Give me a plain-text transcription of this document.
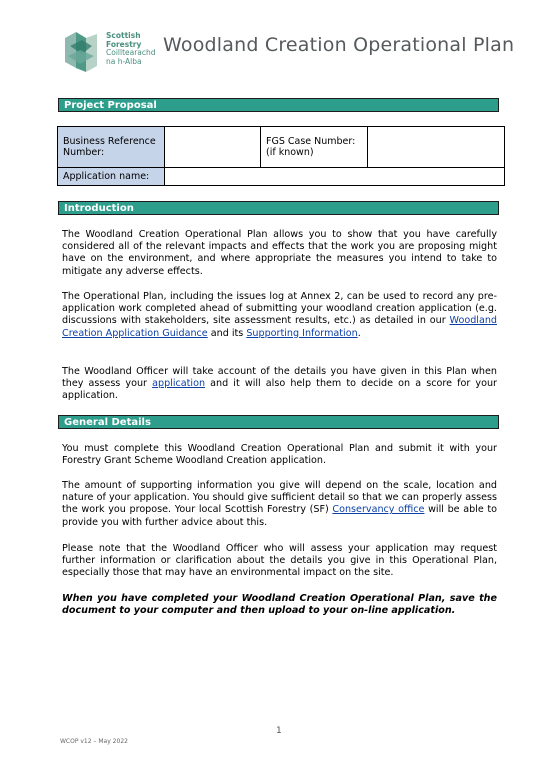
Scottish
Forestry
Coilltearachd
na h-Alba
Woodland Creation Operational Plan
Project Proposal
Business Reference Number:		FGS Case Number: (if known)	
Application name:			
Introduction

The Woodland Creation Operational Plan allows you to show that you have carefully considered all of the relevant impacts and effects that the work you are proposing might have on the environment, and where appropriate the measures you intend to take to mitigate any adverse effects.

The Operational Plan, including the issues log at Annex 2, can be used to record any pre-application work completed ahead of submitting your woodland creation application (e.g. discussions with stakeholders, site assessment results, etc.) as detailed in our Woodland Creation Application Guidance and its Supporting Information.

The Woodland Officer will take account of the details you have given in this Plan when they assess your application and it will also help them to decide on a score for your application.

General Details

You must complete this Woodland Creation Operational Plan and submit it with your Forestry Grant Scheme Woodland Creation application.

The amount of supporting information you give will depend on the scale, location and nature of your application. You should give sufficient detail so that we can properly assess the work you propose. Your local Scottish Forestry (SF) Conservancy office will be able to provide you with further advice about this.

Please note that the Woodland Officer who will assess your application may request further information or clarification about the details you give in this Operational Plan, especially those that may have an environmental impact on the site.

When you have completed your Woodland Creation Operational Plan, save the document to your computer and then upload to your on-line application.

1
WCOP v12 – May 2022
